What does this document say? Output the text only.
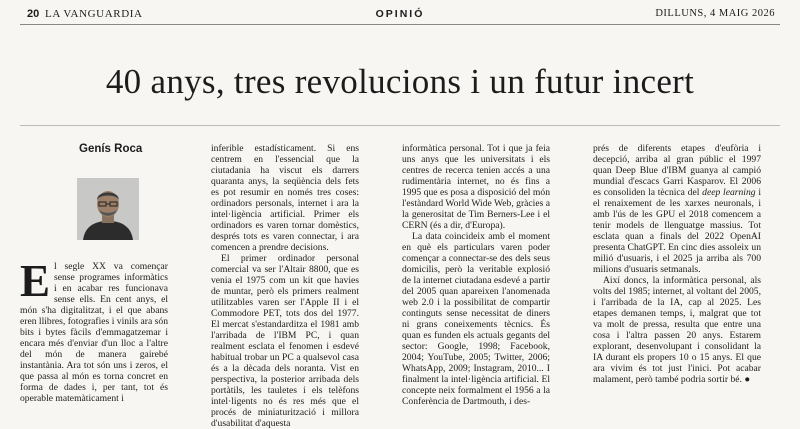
20 LA VANGUARDIA	OPINIÓ	DILLUNS, 4 MAIG 2026
40 anys, tres revolucions i un futur incert
Genís Roca

El segle XX va començar sense programes informàtics i en acabar res funcionava sense ells. En cent anys, el món s'ha digitalitzat, i el que abans eren llibres, fotografies i vinils ara són bits i bytes fàcils d'emmagatzemar i encara més d'enviar d'un lloc a l'altre del món de manera gairebé instantània. Ara tot són uns i zeros, el que passa al món es torna concret en forma de dades i, per tant, tot és operable matemàticament i

inferible estadísticament. Si ens centrem en l'essencial que la ciutadania ha viscut els darrers quaranta anys, la seqüència dels fets es pot resumir en només tres coses: ordinadors personals, internet i ara la intel·ligència artificial. Primer els ordinadors es varen tornar domèstics, després tots es varen connectar, i ara comencen a prendre decisions.

El primer ordinador personal comercial va ser l'Altair 8800, que es venia el 1975 com un kit que havies de muntar, però els primers realment utilitzables varen ser l'Apple II i el Commodore PET, tots dos del 1977. El mercat s'estandarditza el 1981 amb l'arribada de l'IBM PC, i quan realment esclata el fenomen i esdevé habitual trobar un PC a qualsevol casa és a la dècada dels noranta. Vist en perspectiva, la posterior arribada dels portàtils, les tauletes i els telèfons intel·ligents no és res més que el procés de miniaturització i millora d'usabilitat d'aquesta

informàtica personal. Tot i que ja feia uns anys que les universitats i els centres de recerca tenien accés a una rudimentària internet, no és fins a 1995 que es posa a disposició del món l'estàndard World Wide Web, gràcies a la generositat de Tim Berners-Lee i el CERN (és a dir, d'Europa).

La data coincideix amb el moment en què els particulars varen poder començar a connectar-se des dels seus domicilis, però la veritable explosió de la internet ciutadana esdevé a partir del 2005 quan apareixen l'anomenada web 2.0 i la possibilitat de compartir continguts sense necessitat de diners ni grans coneixements tècnics. És quan es funden els actuals gegants del sector: Google, 1998; Facebook, 2004; YouTube, 2005; Twitter, 2006; WhatsApp, 2009; Instagram, 2010... I finalment la intel·ligència artificial. El concepte neix formalment el 1956 a la Conferència de Dartmouth, i des-

prés de diferents etapes d'eufòria i decepció, arriba al gran públic el 1997 quan Deep Blue d'IBM guanya al campió mundial d'escacs Garri Kasparov. El 2006 es consoliden la tècnica del deep learning i el renaixement de les xarxes neuronals, i amb l'ús de les GPU el 2018 comencem a tenir models de llenguatge massius. Tot esclata quan a finals del 2022 OpenAI presenta ChatGPT. En cinc dies assoleix un milió d'usuaris, i el 2025 ja arriba als 700 milions d'usuaris setmanals.

Així doncs, la informàtica personal, als volts del 1985; internet, al voltant del 2005, i l'arribada de la IA, cap al 2025. Les etapes demanen temps, i, malgrat que tot va molt de pressa, resulta que entre una cosa i l'altra passen 20 anys. Estarem explorant, desenvolupant i consolidant la IA durant els propers 10 o 15 anys. El que ara vivim és tot just l'inici. Pot acabar malament, però també podria sortir bé. ●
